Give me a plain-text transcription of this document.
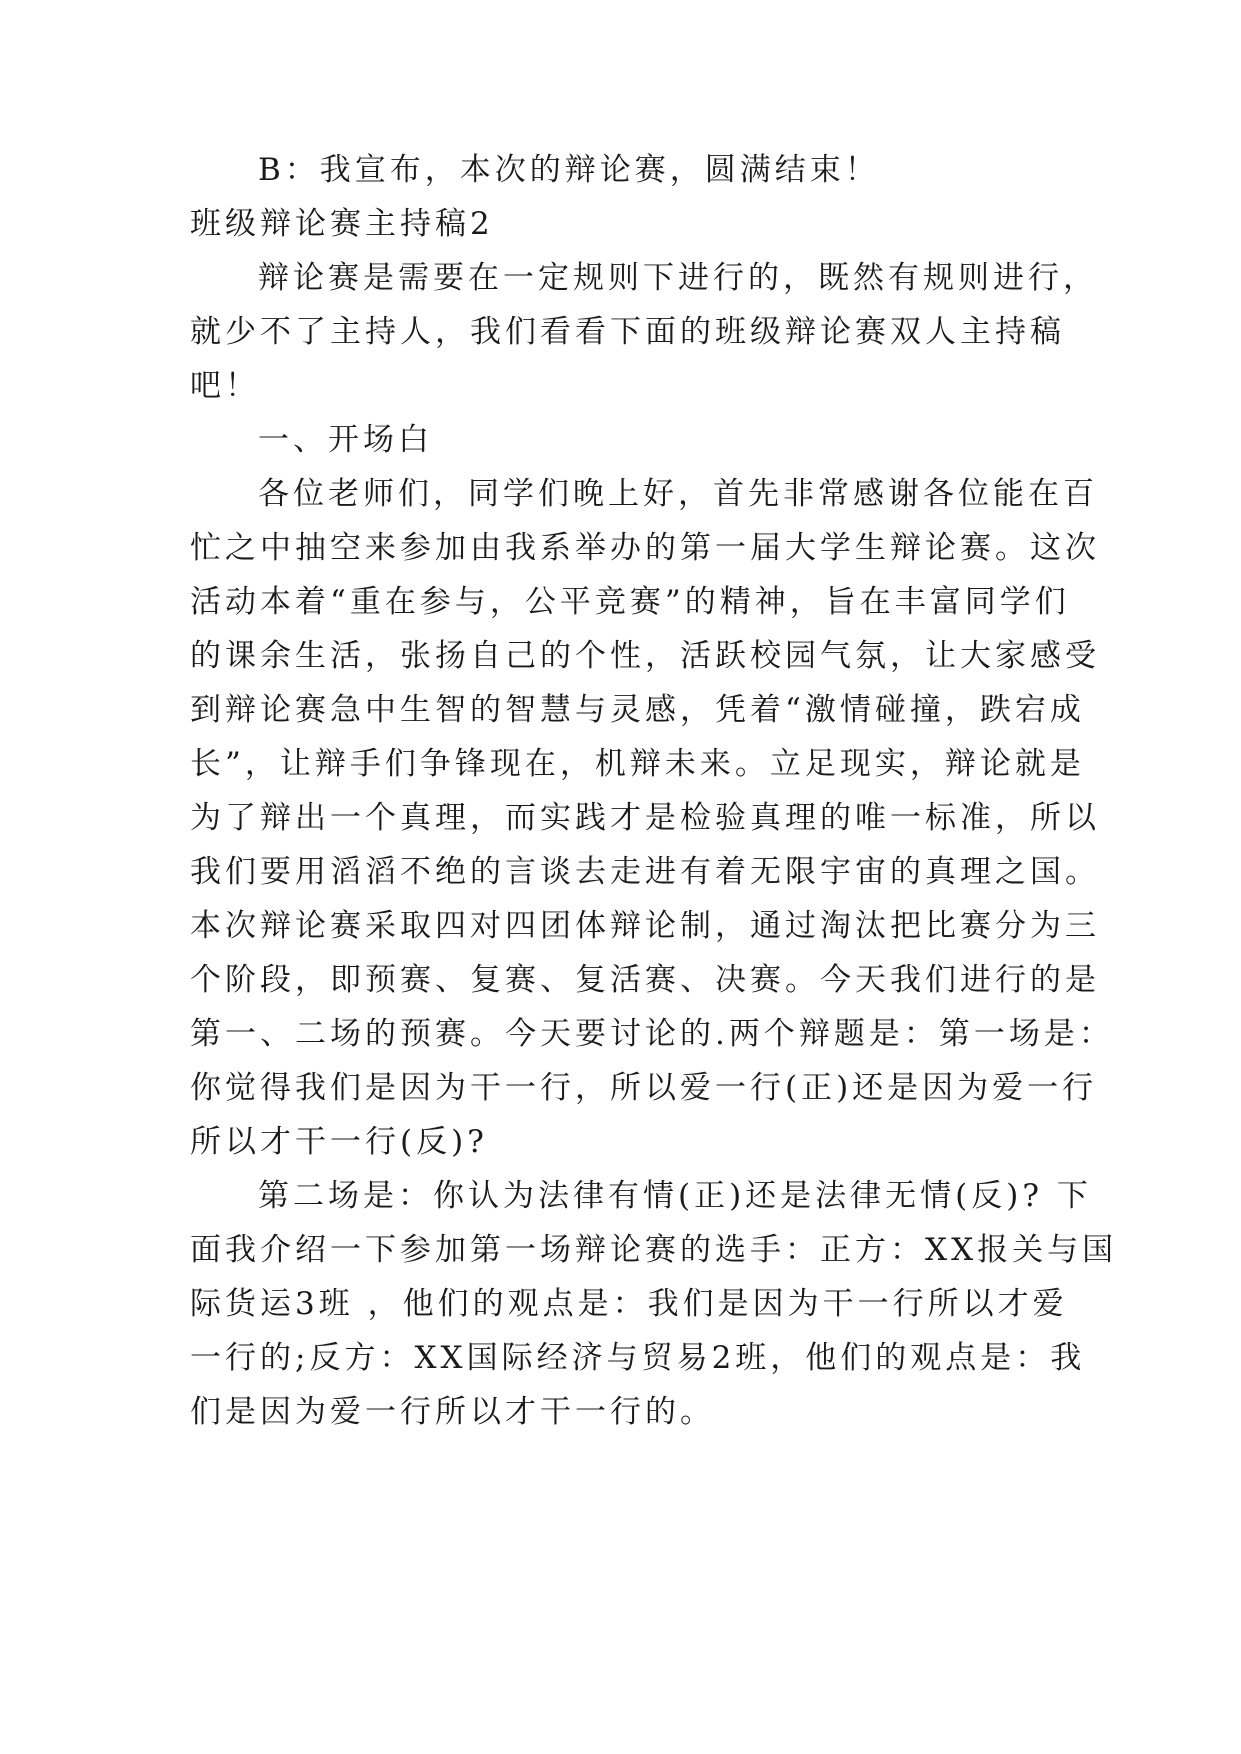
B：我宣布，本次的辩论赛，圆满结束！
班级辩论赛主持稿2
辩论赛是需要在一定规则下进行的，既然有规则进行，
就少不了主持人，我们看看下面的班级辩论赛双人主持稿
吧！
一、开场白
各位老师们，同学们晚上好，首先非常感谢各位能在百
忙之中抽空来参加由我系举办的第一届大学生辩论赛。这次
活动本着“重在参与，公平竞赛”的精神，旨在丰富同学们
的课余生活，张扬自己的个性，活跃校园气氛，让大家感受
到辩论赛急中生智的智慧与灵感，凭着“激情碰撞，跌宕成
长”，让辩手们争锋现在，机辩未来。立足现实，辩论就是
为了辩出一个真理，而实践才是检验真理的唯一标准，所以
我们要用滔滔不绝的言谈去走进有着无限宇宙的真理之国。
本次辩论赛采取四对四团体辩论制，通过淘汰把比赛分为三
个阶段，即预赛、复赛、复活赛、决赛。今天我们进行的是
第一、二场的预赛。今天要讨论的.两个辩题是：第一场是：
你觉得我们是因为干一行，所以爱一行(正)还是因为爱一行
所以才干一行(反)?
第二场是：你认为法律有情(正)还是法律无情(反)? 下
面我介绍一下参加第一场辩论赛的选手：正方：XX报关与国
际货运3班 ，他们的观点是：我们是因为干一行所以才爱
一行的;反方：XX国际经济与贸易2班，他们的观点是：我
们是因为爱一行所以才干一行的。
